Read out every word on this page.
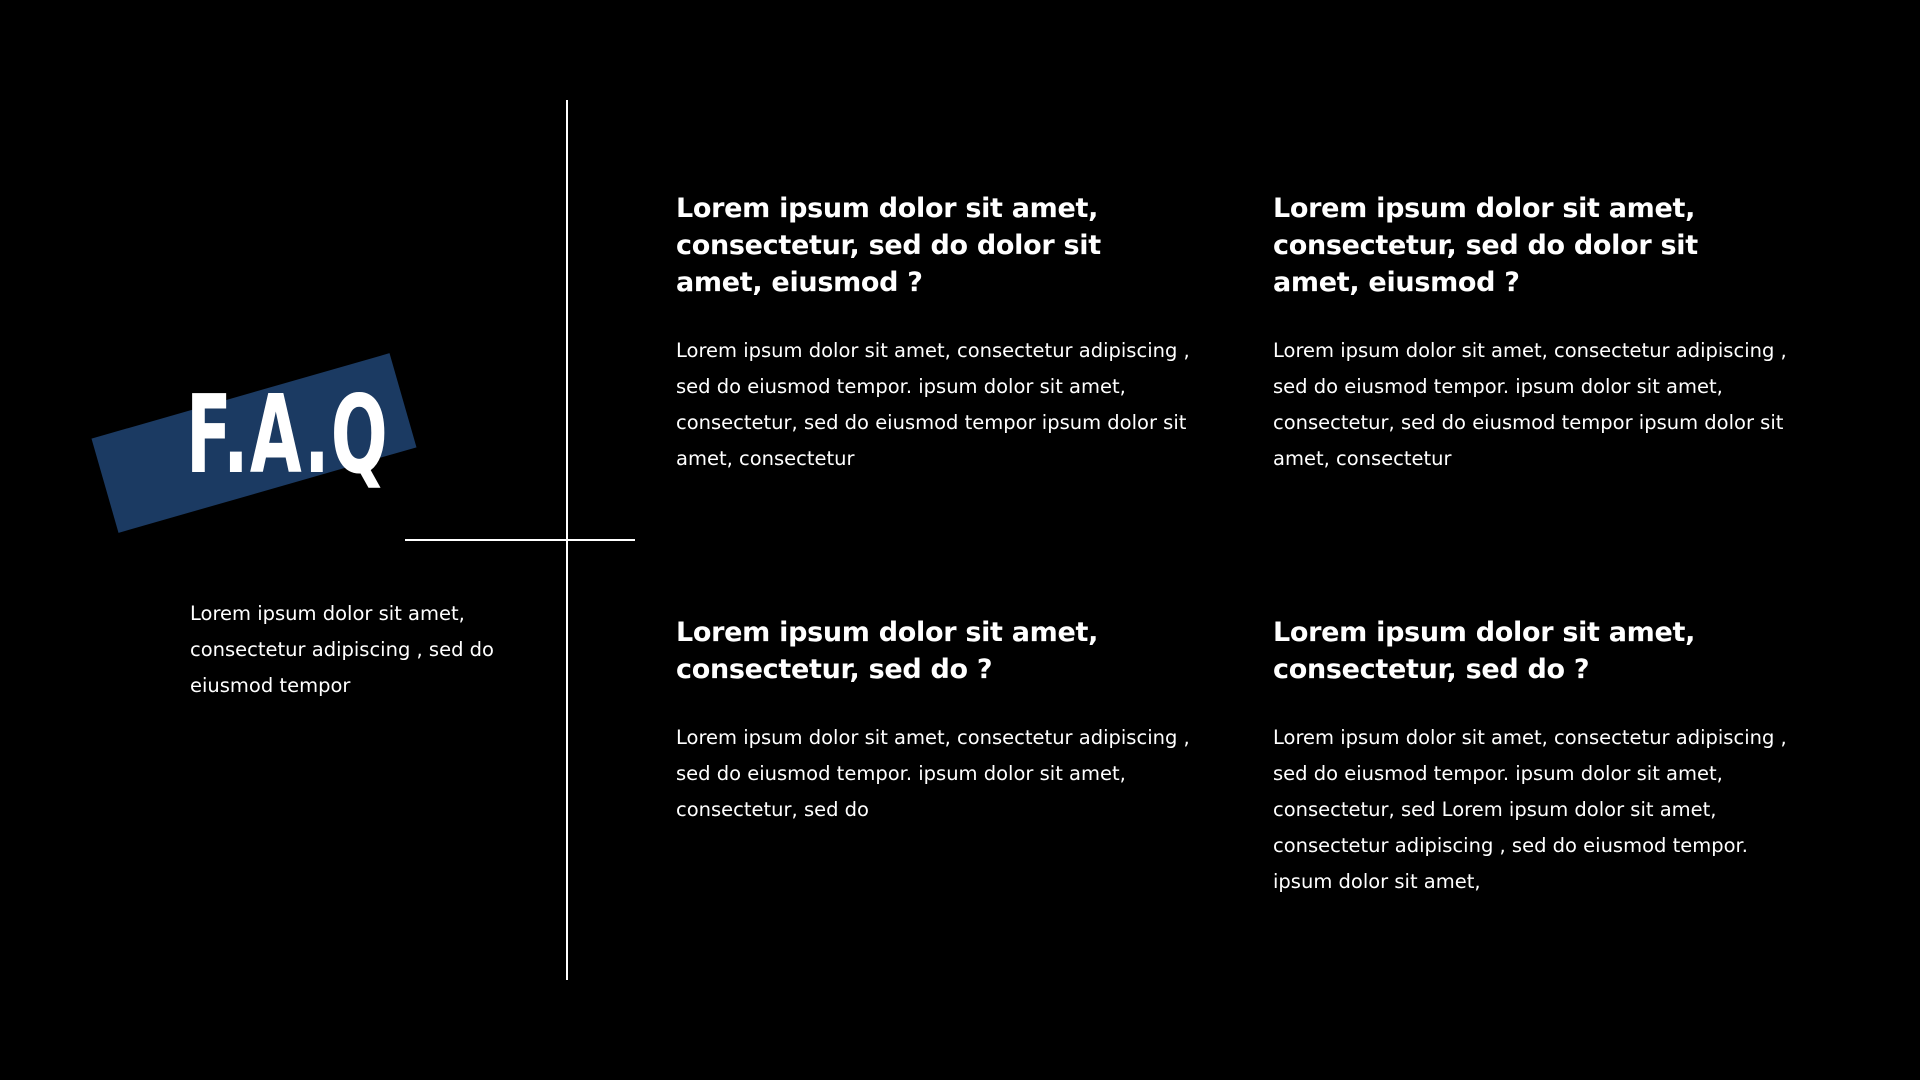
F.A.Q

Lorem ipsum dolor sit amet, consectetur adipiscing , sed do eiusmod tempor

Lorem ipsum dolor sit amet, consectetur, sed do dolor sit amet, eiusmod ?

Lorem ipsum dolor sit amet, consectetur adipiscing , sed do eiusmod tempor. ipsum dolor sit amet, consectetur, sed do eiusmod tempor ipsum dolor sit amet, consectetur

Lorem ipsum dolor sit amet, consectetur, sed do dolor sit amet, eiusmod ?

Lorem ipsum dolor sit amet, consectetur adipiscing , sed do eiusmod tempor. ipsum dolor sit amet, consectetur, sed do eiusmod tempor ipsum dolor sit amet, consectetur

Lorem ipsum dolor sit amet, consectetur, sed do ?

Lorem ipsum dolor sit amet, consectetur adipiscing , sed do eiusmod tempor. ipsum dolor sit amet, consectetur, sed do

Lorem ipsum dolor sit amet, consectetur, sed do ?

Lorem ipsum dolor sit amet, consectetur adipiscing , sed do eiusmod tempor. ipsum dolor sit amet, consectetur, sed Lorem ipsum dolor sit amet, consectetur adipiscing , sed do eiusmod tempor. ipsum dolor sit amet,
